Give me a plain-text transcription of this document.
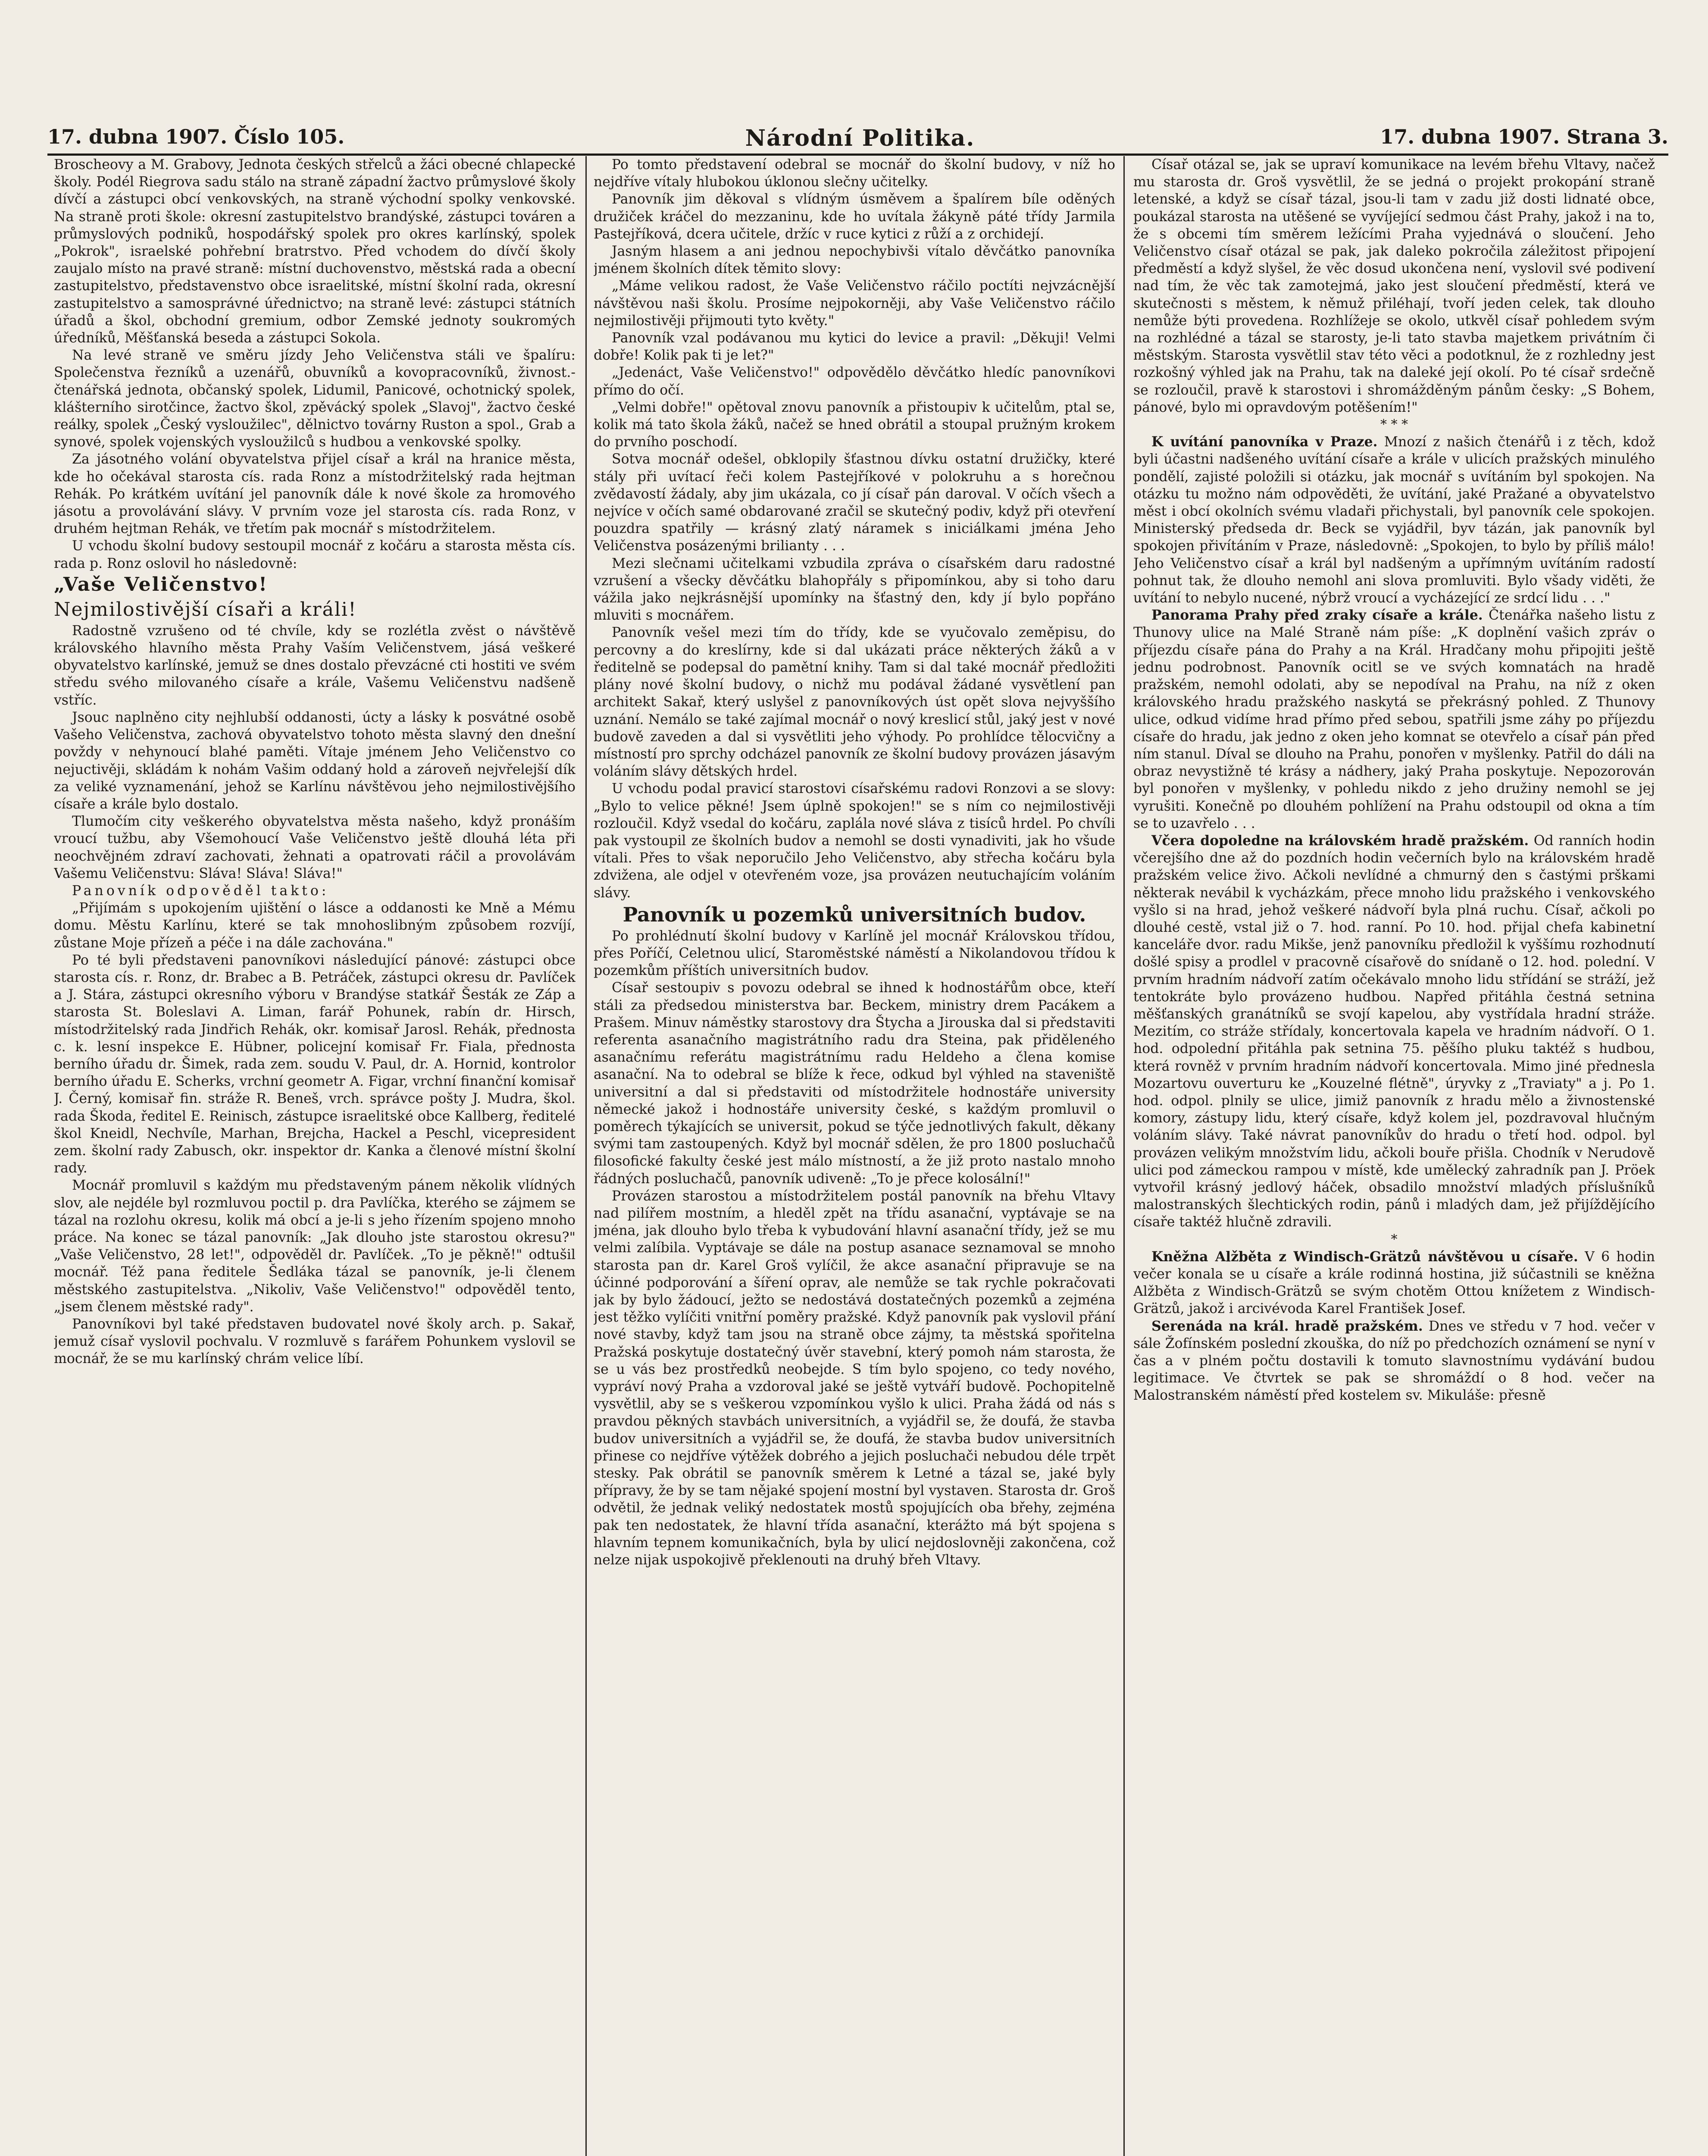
17. dubna 1907. Číslo 105.	Národní Politika.	17. dubna 1907. Strana 3.

Broscheovy a M. Grabovy, Jednota českých střelců a žáci obecné chlapecké školy. Podél Riegrova sadu stálo na straně západní žactvo průmyslové školy dívčí a zástupci obcí venkovských, na straně východní spolky venkovské. Na straně proti škole: okresní zastupitelstvo brandýské, zástupci továren a průmyslových podniků, hospodářský spolek pro okres karlínský, spolek „Pokrok", israelské pohřební bratrstvo. Před vchodem do dívčí školy zaujalo místo na pravé straně: místní duchovenstvo, městská rada a obecní zastupitelstvo, představenstvo obce israelitské, místní školní rada, okresní zastupitelstvo a samosprávné úřednictvo; na straně levé: zástupci státních úřadů a škol, obchodní gremium, odbor Zemské jednoty soukromých úředníků, Měšťanská beseda a zástupci Sokola.

Na levé straně ve směru jízdy Jeho Veličenstva stáli ve špalíru: Společenstva řezníků a uzenářů, obuvníků a kovopracovníků, živnost.-čtenářská jednota, občanský spolek, Lidumil, Panicové, ochotnický spolek, klášterního sirotčince, žactvo škol, zpěvácký spolek „Slavoj", žactvo české reálky, spolek „Český vysloužilec", dělnictvo továrny Ruston a spol., Grab a synové, spolek vojenských vysloužilců s hudbou a venkovské spolky.

Za jásotného volání obyvatelstva přijel císař a král na hranice města, kde ho očekával starosta cís. rada Ronz a místodržitelský rada hejtman Rehák. Po krátkém uvítání jel panovník dále k nové škole za hromového jásotu a provolávání slávy. V prvním voze jel starosta cís. rada Ronz, v druhém hejtman Rehák, ve třetím pak mocnář s místodržitelem.

U vchodu školní budovy sestoupil mocnář z kočáru a starosta města cís. rada p. Ronz oslovil ho následovně:

„Vaše Veličenstvo!

Nejmilostivější císaři a králi!

Radostně vzrušeno od té chvíle, kdy se rozlétla zvěst o návštěvě královského hlavního města Prahy Vaším Veličenstvem, jásá veškeré obyvatelstvo karlínské, jemuž se dnes dostalo převzácné cti hostiti ve svém středu svého milovaného císaře a krále, Vašemu Veličenstvu nadšeně vstříc.

Jsouc naplněno city nejhlubší oddanosti, úcty a lásky k posvátné osobě Vašeho Veličenstva, zachová obyvatelstvo tohoto města slavný den dnešní povždy v nehynoucí blahé paměti. Vítaje jménem Jeho Veličenstvo co nejuctivěji, skládám k nohám Vašim oddaný hold a zároveň nejvřelejší dík za veliké vyznamenání, jehož se Karlínu návštěvou jeho nejmilostivějšího císaře a krále bylo dostalo.

Tlumočím city veškerého obyvatelstva města našeho, když pronáším vroucí tužbu, aby Všemohoucí Vaše Veličenstvo ještě dlouhá léta při neochvějném zdraví zachovati, žehnati a opatrovati ráčil a provolávám Vašemu Veličenstvu: Sláva! Sláva! Sláva!"

Panovník odpověděl takto:

„Přijímám s upokojením ujištění o lásce a oddanosti ke Mně a Mému domu. Městu Karlínu, které se tak mnohoslibným způsobem rozvíjí, zůstane Moje přízeň a péče i na dále zachována."

Po té byli představeni panovníkovi následující pánové: zástupci obce starosta cís. r. Ronz, dr. Brabec a B. Petráček, zástupci okresu dr. Pavlíček a J. Stára, zástupci okresního výboru v Brandýse statkář Šesták ze Záp a starosta St. Boleslavi A. Liman, farář Pohunek, rabín dr. Hirsch, místodržitelský rada Jindřich Rehák, okr. komisař Jarosl. Rehák, přednosta c. k. lesní inspekce E. Hübner, policejní komisař Fr. Fiala, přednosta berního úřadu dr. Šimek, rada zem. soudu V. Paul, dr. A. Hornid, kontrolor berního úřadu E. Scherks, vrchní geometr A. Figar, vrchní finanční komisař J. Černý, komisař fin. stráže R. Beneš, vrch. správce pošty J. Mudra, škol. rada Škoda, ředitel E. Reinisch, zástupce israelitské obce Kallberg, ředitelé škol Kneidl, Nechvíle, Marhan, Brejcha, Hackel a Peschl, vicepresident zem. školní rady Zabusch, okr. inspektor dr. Kanka a členové místní školní rady.

Mocnář promluvil s každým mu představeným pánem několik vlídných slov, ale nejdéle byl rozmluvou poctil p. dra Pavlíčka, kterého se zájmem se tázal na rozlohu okresu, kolik má obcí a je-li s jeho řízením spojeno mnoho práce. Na konec se tázal panovník: „Jak dlouho jste starostou okresu?" „Vaše Veličenstvo, 28 let!", odpověděl dr. Pavlíček. „To je pěkně!" odtušil mocnář. Též pana ředitele Šedláka tázal se panovník, je-li členem městského zastupitelstva. „Nikoliv, Vaše Veličenstvo!" odpověděl tento, „jsem členem městské rady".

Panovníkovi byl také představen budovatel nové školy arch. p. Sakař, jemuž císař vyslovil pochvalu. V rozmluvě s farářem Pohunkem vyslovil se mocnář, že se mu karlínský chrám velice líbí.

Po tomto představení odebral se mocnář do školní budovy, v níž ho nejdříve vítaly hlubokou úklonou slečny učitelky.

Panovník jim děkoval s vlídným úsměvem a špalírem bíle oděných družiček kráčel do mezzaninu, kde ho uvítala žákyně páté třídy Jarmila Pastejříková, dcera učitele, držíc v ruce kytici z růží a z orchidejí.

Jasným hlasem a ani jednou nepochybivši vítalo děvčátko panovníka jménem školních dítek těmito slovy:

„Máme velikou radost, že Vaše Veličenstvo ráčilo poctíti nejvzácnější návštěvou naši školu. Prosíme nejpokorněji, aby Vaše Veličenstvo ráčilo nejmilostivěji přijmouti tyto květy."

Panovník vzal podávanou mu kytici do levice a pravil: „Děkuji! Velmi dobře! Kolik pak ti je let?"

„Jedenáct, Vaše Veličenstvo!" odpovědělo děvčátko hledíc panovníkovi přímo do očí.

„Velmi dobře!" opětoval znovu panovník a přistoupiv k učitelům, ptal se, kolik má tato škola žáků, načež se hned obrátil a stoupal pružným krokem do prvního poschodí.

Sotva mocnář odešel, obklopily šťastnou dívku ostatní družičky, které stály při uvítací řeči kolem Pastejříkové v polokruhu a s horečnou zvědavostí žádaly, aby jim ukázala, co jí císař pán daroval. V očích všech a nejvíce v očích samé obdarované zračil se skutečný podiv, když při otevření pouzdra spatřily — krásný zlatý náramek s iniciálkami jména Jeho Veličenstva posázenými brilianty . . .

Mezi slečnami učitelkami vzbudila zpráva o císařském daru radostné vzrušení a všecky děvčátku blahopřály s připomínkou, aby si toho daru vážila jako nejkrásnější upomínky na šťastný den, kdy jí bylo popřáno mluviti s mocnářem.

Panovník vešel mezi tím do třídy, kde se vyučovalo zeměpisu, do percovny a do kreslírny, kde si dal ukázati práce některých žáků a v ředitelně se podepsal do pamětní knihy. Tam si dal také mocnář předložiti plány nové školní budovy, o nichž mu podával žádané vysvětlení pan architekt Sakař, který uslyšel z panovníkových úst opět slova nejvyššího uznání. Nemálo se také zajímal mocnář o nový kreslicí stůl, jaký jest v nové budově zaveden a dal si vysvětliti jeho výhody. Po prohlídce tělocvičny a místností pro sprchy odcházel panovník ze školní budovy provázen jásavým voláním slávy dětských hrdel.

U vchodu podal pravicí starostovi císařskému radovi Ronzovi a se slovy: „Bylo to velice pěkné! Jsem úplně spokojen!" se s ním co nejmilostivěji rozloučil. Když vsedal do kočáru, zaplála nové sláva z tisíců hrdel. Po chvíli pak vystoupil ze školních budov a nemohl se dosti vynadiviti, jak ho všude vítali. Přes to však neporučilo Jeho Veličenstvo, aby střecha kočáru byla zdvižena, ale odjel v otevřeném voze, jsa provázen neutuchajícím voláním slávy.

Panovník u pozemků universitních budov.

Po prohlédnutí školní budovy v Karlíně jel mocnář Královskou třídou, přes Poříčí, Celetnou ulicí, Staroměstské náměstí a Nikolandovou třídou k pozemkům příštích universitních budov.

Císař sestoupiv s povozu odebral se ihned k hodnostářům obce, kteří stáli za předsedou ministerstva bar. Beckem, ministry drem Pacákem a Prašem. Minuv náměstky starostovy dra Štycha a Jirouska dal si představiti referenta asanačního magistrátního radu dra Steina, pak přiděleného asanačnímu referátu magistrátnímu radu Heldeho a člena komise asanační. Na to odebral se blíže k řece, odkud byl výhled na staveniště universitní a dal si představiti od místodržitele hodnostáře university německé jakož i hodnostáře university české, s každým promluvil o poměrech týkajících se universit, pokud se týče jednotlivých fakult, děkany svými tam zastoupených. Když byl mocnář sdělen, že pro 1800 posluchačů filosofické fakulty české jest málo místností, a že již proto nastalo mnoho řádných posluchačů, panovník udiveně: „To je přece kolosální!"

Provázen starostou a místodržitelem postál panovník na břehu Vltavy nad pilířem mostním, a hleděl zpět na třídu asanační, vyptávaje se na jména, jak dlouho bylo třeba k vybudování hlavní asanační třídy, jež se mu velmi zalíbila. Vyptávaje se dále na postup asanace seznamoval se mnoho starosta pan dr. Karel Groš vylíčil, že akce asanační připravuje se na účinné podporování a šíření oprav, ale nemůže se tak rychle pokračovati jak by bylo žádoucí, ježto se nedostává dostatečných pozemků a zejména jest těžko vylíčiti vnitřní poměry pražské. Když panovník pak vyslovil přání nové stavby, když tam jsou na straně obce zájmy, ta městská spořitelna Pražská poskytuje dostatečný úvěr stavební, který pomoh nám starosta, že se u vás bez prostředků neobejde. S tím bylo spojeno, co tedy nového, vypráví nový Praha a vzdoroval jaké se ještě vytváří budově. Pochopitelně vysvětlil, aby se s veškerou vzpomínkou vyšlo k ulici. Praha žádá od nás s pravdou pěkných stavbách universitních, a vyjádřil se, že doufá, že stavba budov universitních a vyjádřil se, že doufá, že stavba budov universitních přinese co nejdříve výtěžek dobrého a jejich posluchači nebudou déle trpět stesky. Pak obrátil se panovník směrem k Letné a tázal se, jaké byly přípravy, že by se tam nějaké spojení mostní byl vystaven. Starosta dr. Groš odvětil, že jednak veliký nedostatek mostů spojujících oba břehy, zejména pak ten nedostatek, že hlavní třída asanační, kterážto má být spojena s hlavním tepnem komunikačních, byla by ulicí nejdoslovněji zakončena, což nelze nijak uspokojivě překlenouti na druhý břeh Vltavy.

Císař otázal se, jak se upraví komunikace na levém břehu Vltavy, načež mu starosta dr. Groš vysvětlil, že se jedná o projekt prokopání straně letenské, a když se císař tázal, jsou-li tam v zadu již dosti lidnaté obce, poukázal starosta na utěšené se vyvíjející sedmou část Prahy, jakož i na to, že s obcemi tím směrem ležícími Praha vyjednává o sloučení. Jeho Veličenstvo císař otázal se pak, jak daleko pokročila záležitost připojení předměstí a když slyšel, že věc dosud ukončena není, vyslovil své podivení nad tím, že věc tak zamotejmá, jako jest sloučení předměstí, která ve skutečnosti s městem, k němuž přiléhají, tvoří jeden celek, tak dlouho nemůže býti provedena. Rozhlížeje se okolo, utkvěl císař pohledem svým na rozhlédné a tázal se starosty, je-li tato stavba majetkem privátním či městským. Starosta vysvětlil stav této věci a podotknul, že z rozhledny jest rozkošný výhled jak na Prahu, tak na daleké její okolí. Po té císař srdečně se rozloučil, pravě k starostovi i shromážděným pánům česky: „S Bohem, pánové, bylo mi opravdovým potěšením!"

* * *

K uvítání panovníka v Praze. Mnozí z našich čtenářů i z těch, kdož byli účastni nadšeného uvítání císaře a krále v ulicích pražských minulého pondělí, zajisté položili si otázku, jak mocnář s uvítáním byl spokojen. Na otázku tu možno nám odpověděti, že uvítání, jaké Pražané a obyvatelstvo měst i obcí okolních svému vladaři přichystali, byl panovník cele spokojen. Ministerský předseda dr. Beck se vyjádřil, byv tázán, jak panovník byl spokojen přivítáním v Praze, následovně: „Spokojen, to bylo by příliš málo! Jeho Veličenstvo císař a král byl nadšeným a upřímným uvítáním radostí pohnut tak, že dlouho nemohl ani slova promluviti. Bylo všady viděti, že uvítání to nebylo nucené, nýbrž vroucí a vycházející ze srdcí lidu . . ."

Panorama Prahy před zraky císaře a krále. Čtenářka našeho listu z Thunovy ulice na Malé Straně nám píše: „K doplnění vašich zpráv o příjezdu císaře pána do Prahy a na Král. Hradčany mohu připojiti ještě jednu podrobnost. Panovník ocitl se ve svých komnatách na hradě pražském, nemohl odolati, aby se nepodíval na Prahu, na níž z oken královského hradu pražského naskytá se překrásný pohled. Z Thunovy ulice, odkud vidíme hrad přímo před sebou, spatřili jsme záhy po příjezdu císaře do hradu, jak jedno z oken jeho komnat se otevřelo a císař pán před ním stanul. Díval se dlouho na Prahu, ponořen v myšlenky. Patřil do dáli na obraz nevystižně té krásy a nádhery, jaký Praha poskytuje. Nepozorován byl ponořen v myšlenky, v pohledu nikdo z jeho družiny nemohl se jej vyrušiti. Konečně po dlouhém pohlížení na Prahu odstoupil od okna a tím se to uzavřelo . . .

Včera dopoledne na královském hradě pražském. Od ranních hodin včerejšího dne až do pozdních hodin večerních bylo na královském hradě pražském velice živo. Ačkoli nevlídné a chmurný den s častými prškami některak nevábil k vycházkám, přece mnoho lidu pražského i venkovského vyšlo si na hrad, jehož veškeré nádvoří byla plná ruchu. Císař, ačkoli po dlouhé cestě, vstal již o 7. hod. ranní. Po 10. hod. přijal chefa kabinetní kanceláře dvor. radu Mikše, jenž panovníku předložil k vyššímu rozhodnutí došlé spisy a prodlel v pracovně císařově do snídaně o 12. hod. polední. V prvním hradním nádvoří zatím očekávalo mnoho lidu střídání se stráží, jež tentokráte bylo provázeno hudbou. Napřed přitáhla čestná setnina měšťanských granátníků se svojí kapelou, aby vystřídala hradní stráže. Mezitím, co stráže střídaly, koncertovala kapela ve hradním nádvoří. O 1. hod. odpolední přitáhla pak setnina 75. pěšího pluku taktéž s hudbou, která rovněž v prvním hradním nádvoří koncertovala. Mimo jiné přednesla Mozartovu ouverturu ke „Kouzelné flétně", úryvky z „Traviaty" a j. Po 1. hod. odpol. plnily se ulice, jimiž panovník z hradu mělo a živnostenské komory, zástupy lidu, který císaře, když kolem jel, pozdravoval hlučným voláním slávy. Také návrat panovníkův do hradu o třetí hod. odpol. byl provázen velikým množstvím lidu, ačkoli bouře přišla. Chodník v Nerudově ulici pod zámeckou rampou v místě, kde umělecký zahradník pan J. Pröek vytvořil krásný jedlový háček, obsadilo množství mladých příslušníků malostranských šlechtických rodin, pánů i mladých dam, jež přijíždějícího císaře taktéž hlučně zdravili.

*

Kněžna Alžběta z Windisch-Grätzů návštěvou u císaře. V 6 hodin večer konala se u císaře a krále rodinná hostina, již súčastnili se kněžna Alžběta z Windisch-Grätzů se svým chotěm Ottou knížetem z Windisch-Grätzů, jakož i arcivévoda Karel František Josef.

Serenáda na král. hradě pražském. Dnes ve středu v 7 hod. večer v sále Žofínském poslední zkouška, do níž po předchozích oznámení se nyní v čas a v plném počtu dostavili k tomuto slavnostnímu vydávání budou legitimace. Ve čtvrtek se pak se shromáždí o 8 hod. večer na Malostranském náměstí před kostelem sv. Mikuláše: přesně
